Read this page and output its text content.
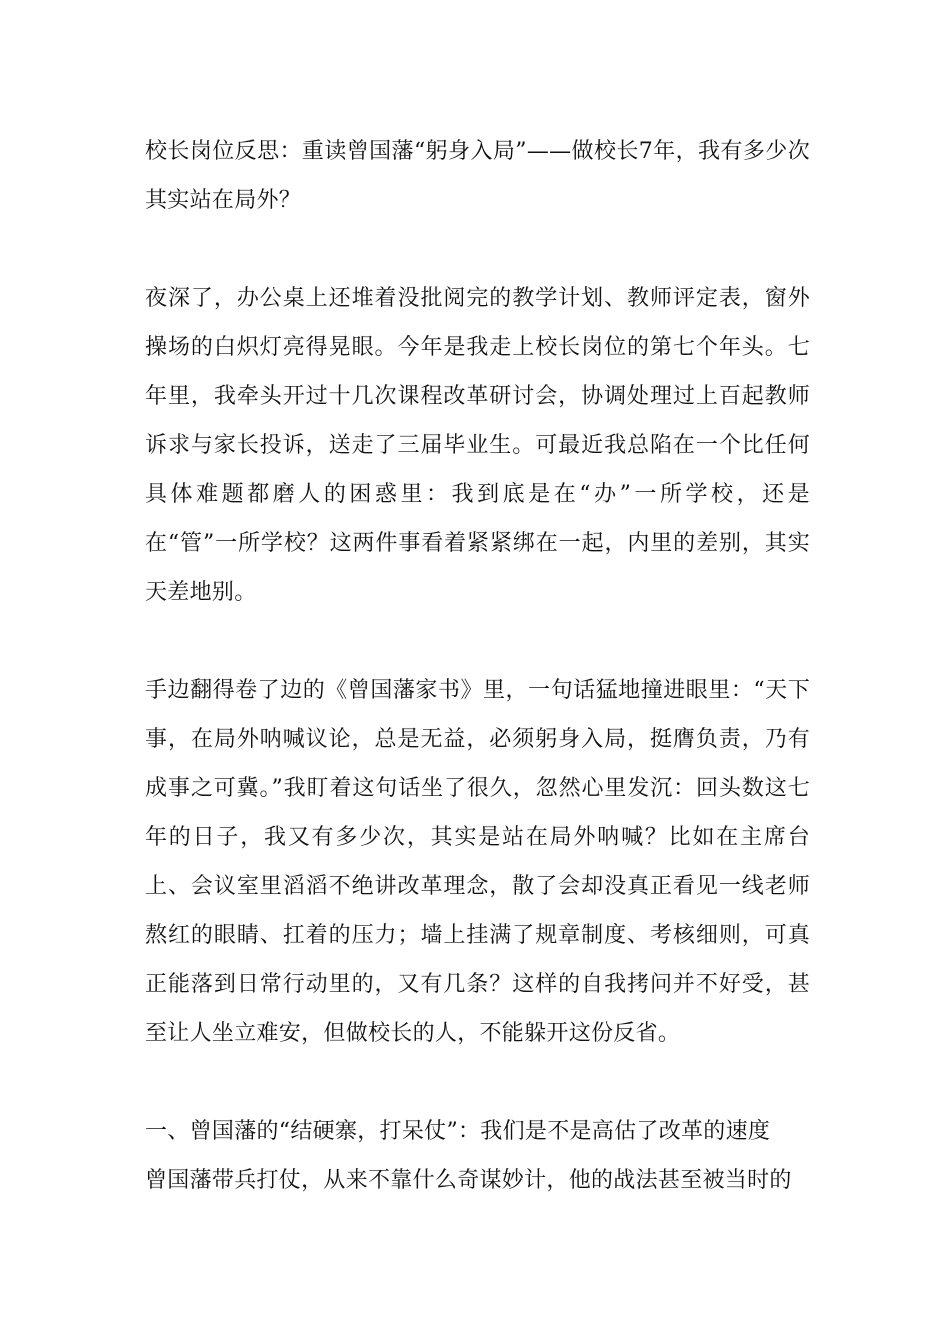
校长岗位反思：重读曾国藩“躬身入局”——做校长7年，我有多少次其实站在局外？

夜深了，办公桌上还堆着没批阅完的教学计划、教师评定表，窗外操场的白炽灯亮得晃眼。今年是我走上校长岗位的第七个年头。七年里，我牵头开过十几次课程改革研讨会，协调处理过上百起教师诉求与家长投诉，送走了三届毕业生。可最近我总陷在一个比任何具体难题都磨人的困惑里：我到底是在“办”一所学校，还是在“管”一所学校？这两件事看着紧紧绑在一起，内里的差别，其实天差地别。

手边翻得卷了边的《曾国藩家书》里，一句话猛地撞进眼里：“天下事，在局外呐喊议论，总是无益，必须躬身入局，挺膺负责，乃有成事之可冀。”我盯着这句话坐了很久，忽然心里发沉：回头数这七年的日子，我又有多少次，其实是站在局外呐喊？比如在主席台上、会议室里滔滔不绝讲改革理念，散了会却没真正看见一线老师熬红的眼睛、扛着的压力；墙上挂满了规章制度、考核细则，可真正能落到日常行动里的，又有几条？这样的自我拷问并不好受，甚至让人坐立难安，但做校长的人，不能躲开这份反省。

一、曾国藩的“结硬寨，打呆仗”：我们是不是高估了改革的速度

曾国藩带兵打仗，从来不靠什么奇谋妙计，他的战法甚至被当时的
